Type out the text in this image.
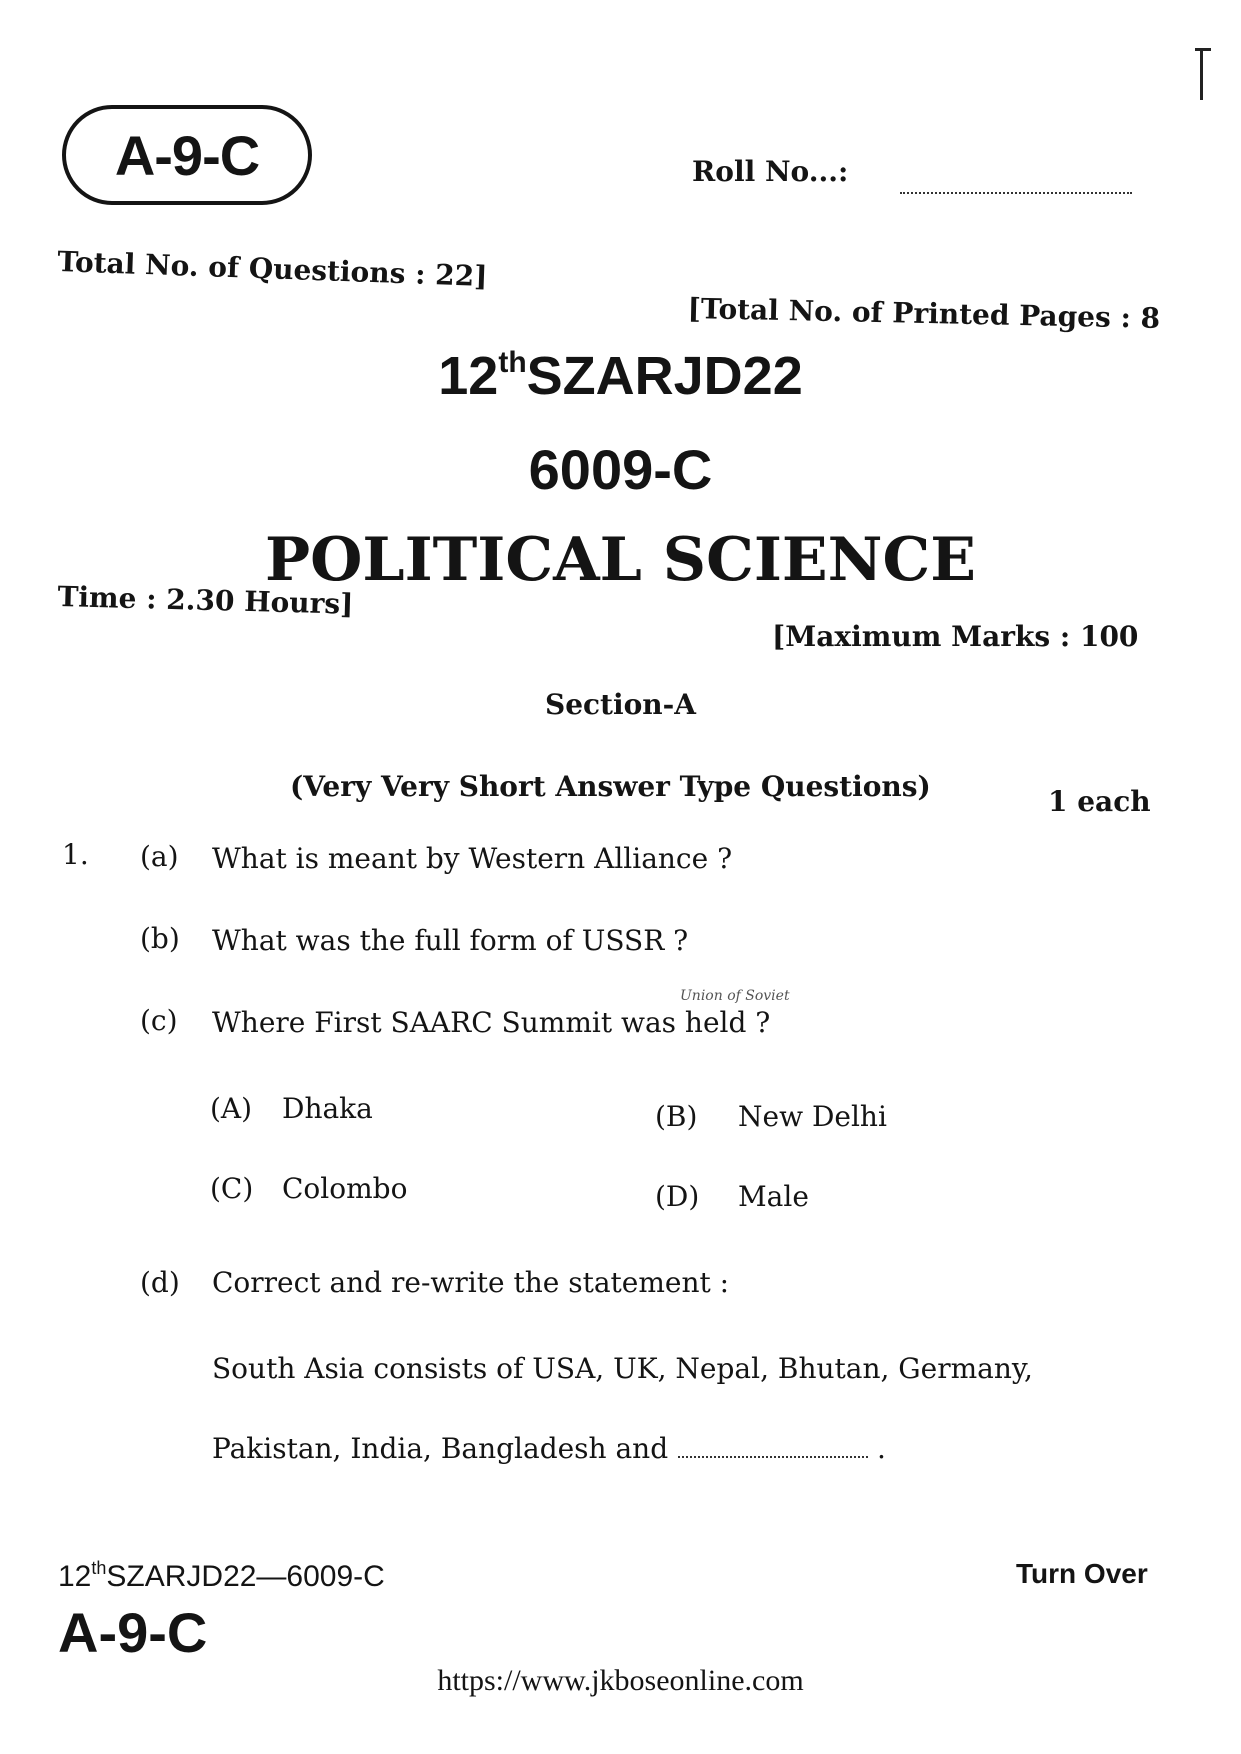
A-9-C	Roll No...:
Total No. of Questions : 22]
[Total No. of Printed Pages : 8
12thSZARJD22
6009-C
POLITICAL SCIENCE
Time : 2.30 Hours]
[Maximum Marks : 100
Section-A
(Very Very Short Answer Type Questions)	1 each
1. (a) What is meant by Western Alliance ?
(b) What was the full form of USSR ?
Union of Soviet
(c) Where First SAARC Summit was held ?
(A) Dhaka	(B) New Delhi
(C) Colombo	(D) Male
(d) Correct and re-write the statement :
South Asia consists of USA, UK, Nepal, Bhutan, Germany,
Pakistan, India, Bangladesh and	.
12thSZARJD22—6009-C
A-9-C
Turn Over
https://www.jkboseonline.com
